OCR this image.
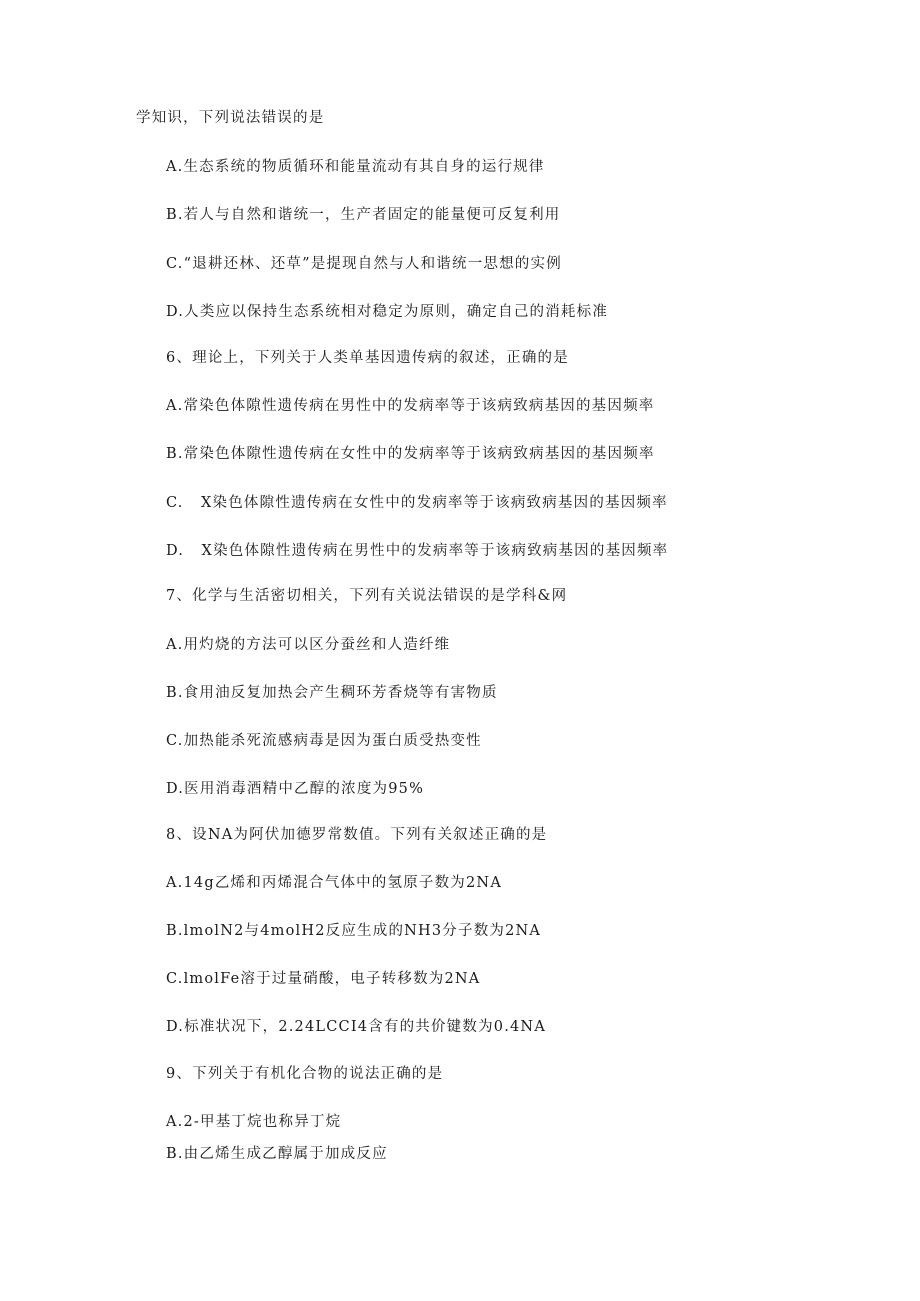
学知识，下列说法错误的是
A.生态系统的物质循环和能量流动有其自身的运行规律
B.若人与自然和谐统一，生产者固定的能量便可反复利用
C.“退耕还林、还草”是提现自然与人和谐统一思想的实例
D.人类应以保持生态系统相对稳定为原则，确定自己的消耗标准
6、理论上，下列关于人类单基因遗传病的叙述，正确的是
A.常染色体隙性遗传病在男性中的发病率等于该病致病基因的基因频率
B.常染色体隙性遗传病在女性中的发病率等于该病致病基因的基因频率
C.   X染色体隙性遗传病在女性中的发病率等于该病致病基因的基因频率
D.   X染色体隙性遗传病在男性中的发病率等于该病致病基因的基因频率
7、化学与生活密切相关，下列有关说法错误的是学科&网
A.用灼烧的方法可以区分蚕丝和人造纤维
B.食用油反复加热会产生稠环芳香烧等有害物质
C.加热能杀死流感病毒是因为蛋白质受热变性
D.医用消毒酒精中乙醇的浓度为95%
8、设NA为阿伏加德罗常数值。下列有关叙述正确的是
A.14g乙烯和丙烯混合气体中的氢原子数为2NA
B.lmolN2与4molH2反应生成的NH3分子数为2NA
C.lmolFe溶于过量硝酸，电子转移数为2NA
D.标准状况下，2.24LCCI4含有的共价键数为0.4NA
9、下列关于有机化合物的说法正确的是
A.2-甲基丁烷也称异丁烷
B.由乙烯生成乙醇属于加成反应
